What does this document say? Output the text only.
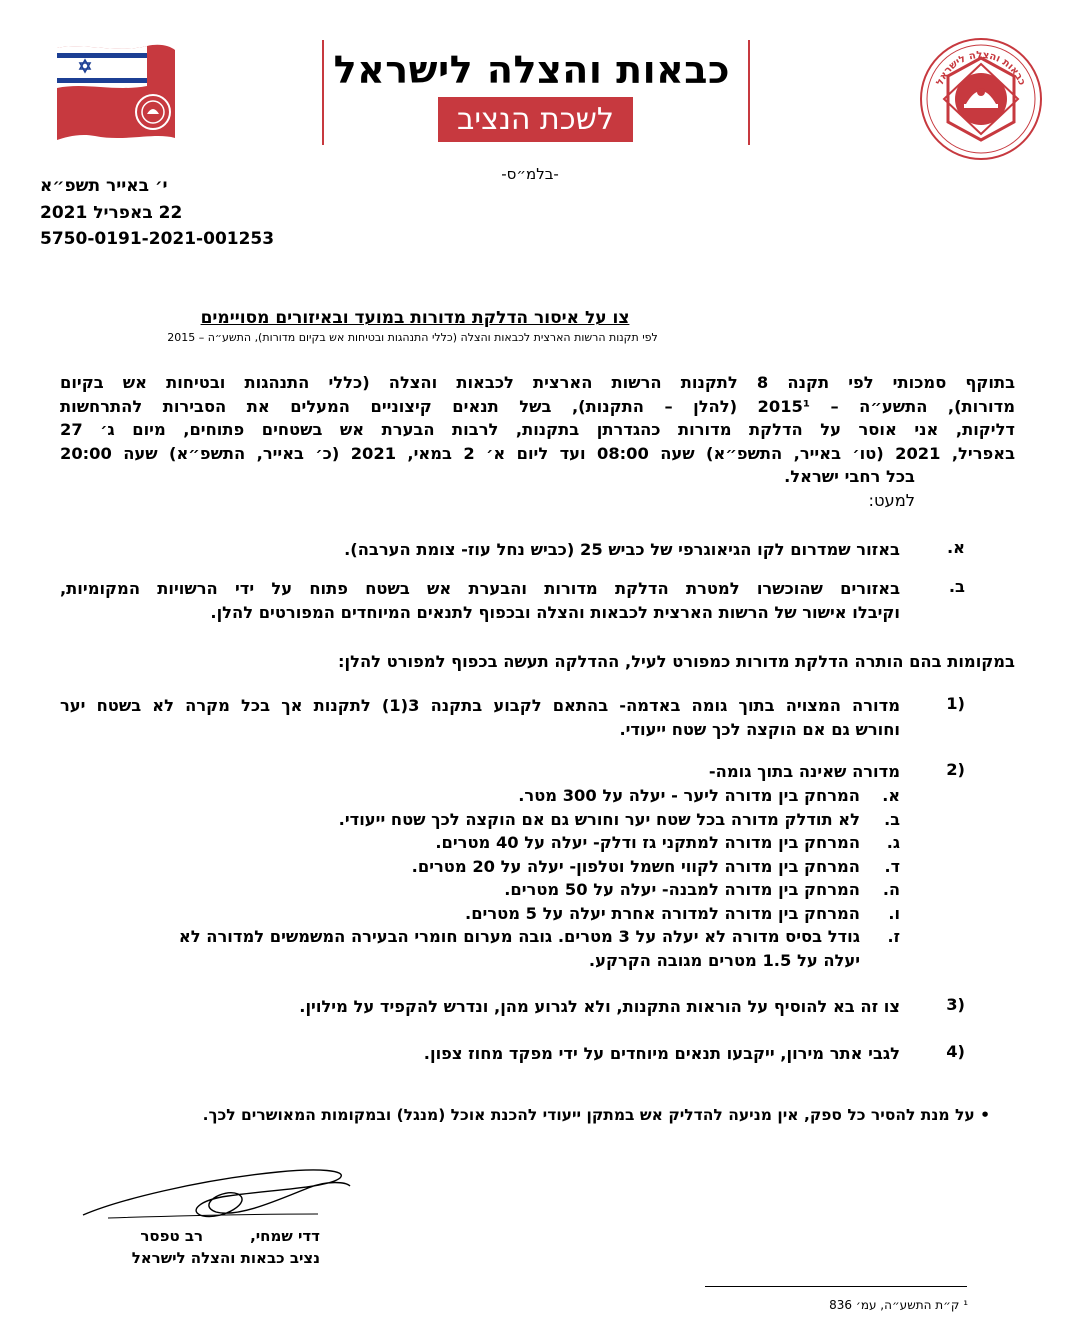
כבאות והצלה לישראל
לשכת הנציב
כבאות והצלה לישראל
-בלמ״ס-
י׳ באייר תשפ״א
22 באפריל 2021
5750-0191-2021-001253
צו על איסור הדלקת מדורות במועד ובאיזורים מסויימים
לפי תקנות הרשות הארצית לכבאות והצלה (כללי התנהגות ובטיחות אש בקיום מדורות), התשע״ה – 2015
בתוקף סמכותי לפי תקנה 8 לתקנות הרשות הארצית לכבאות והצלה (כללי התנהגות ובטיחות אש בקיום
מדורות), התשע״ה – 2015¹ (להלן – התקנות), בשל תנאים קיצוניים המעלים את הסבירות להתרחשות
דליקות, אני אוסר על הדלקת מדורות כהגדרתן בתקנות, לרבות הבערת אש בשטחים פתוחים, מיום ג׳ 27
באפריל, 2021 (טו׳ באייר, התשפ״א) שעה 08:00 ועד ליום א׳ 2 במאי, 2021 (כ׳ באייר, התשפ״א) שעה 20:00
בכל רחבי ישראל.
למעט:
א.
באזור שמדרום לקו הגיאוגרפי של כביש 25 (כביש נחל עוז- צומת הערבה).
ב.
באזורים שהוכשרו למטרת הדלקת מדורות והבערת אש בשטח פתוח על ידי הרשויות המקומיות,
וקיבלו אישור של הרשות הארצית לכבאות והצלה ובכפוף לתנאים המיוחדים המפורטים להלן.
במקומות בהם הותרה הדלקת מדורות כמפורט לעיל, ההדלקה תעשה בכפוף למפורט להלן:
1)
מדורה המצויה בתוך גומה באדמה- בהתאם לקבוע בתקנה 3(1) לתקנות אך בכל מקרה לא בשטח יער
וחורש גם אם הוקצה לכך שטח ייעודי.
2)
מדורה שאינה בתוך גומה-
א.
המרחק בין מדורה ליער - יעלה על 300 מטר.
ב.
לא תודלק מדורה בכל שטח יער וחורש גם אם הוקצה לכך שטח ייעודי.
ג.
המרחק בין מדורה למתקני גז ודלק- יעלה על 40 מטרים.
ד.
המרחק בין מדורה לקווי חשמל וטלפון- יעלה על 20 מטרים.
ה.
המרחק בין מדורה למבנה- יעלה על 50 מטרים.
ו.
המרחק בין מדורה למדורה אחרת יעלה על 5 מטרים.
ז.
גודל בסיס מדורה לא יעלה על 3 מטרים. גובה מערום חומרי הבעירה המשמשים למדורה לא
יעלה על 1.5 מטרים מגובה הקרקע.
3)
צו זה בא להוסיף על הוראות התקנות, ולא לגרוע מהן, ונדרש להקפיד על מילוין.
4)
לגבי אתר מירון, ייקבעו תנאים מיוחדים על ידי מפקד מחוז צפון.
• על מנת להסיר כל ספק, אין מניעה להדליק אש במתקן ייעודי להכנת אוכל (מנגל) ובמקומות המאושרים לכך.
דדי שמחי,         רב טפסר
נציב כבאות והצלה לישראל
¹ ק״ת התשע״ה, עמ׳ 836
